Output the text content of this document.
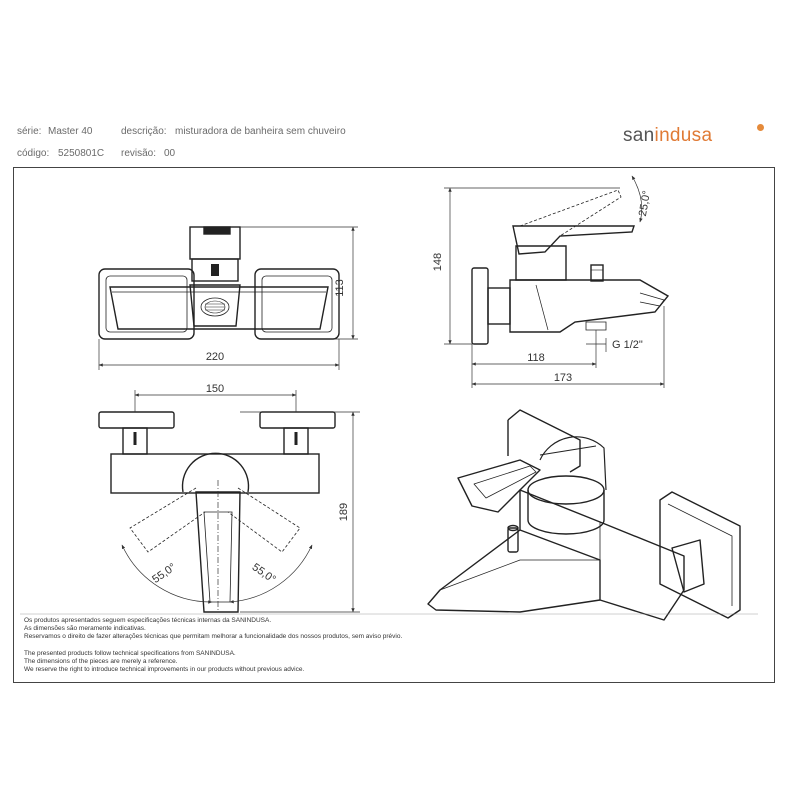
série: Master 40	descrição: misturadora de banheira sem chuveiro
código: 5250801C revisão: 00
sanindusa
113
220
148
25,0°
118
173
G 1/2"
150
189
55,0°	55,0°
Os produtos apresentados seguem especificações técnicas internas da SANINDUSA.
As dimensões são meramente indicativas.
Reservamos o direito de fazer alterações técnicas que permitam melhorar a funcionalidade dos nossos produtos, sem aviso prévio.
The presented products follow technical specifications from SANINDUSA.
The dimensions of the pieces are merely a reference.
We reserve the right to introduce technical improvements in our products without previous advice.
